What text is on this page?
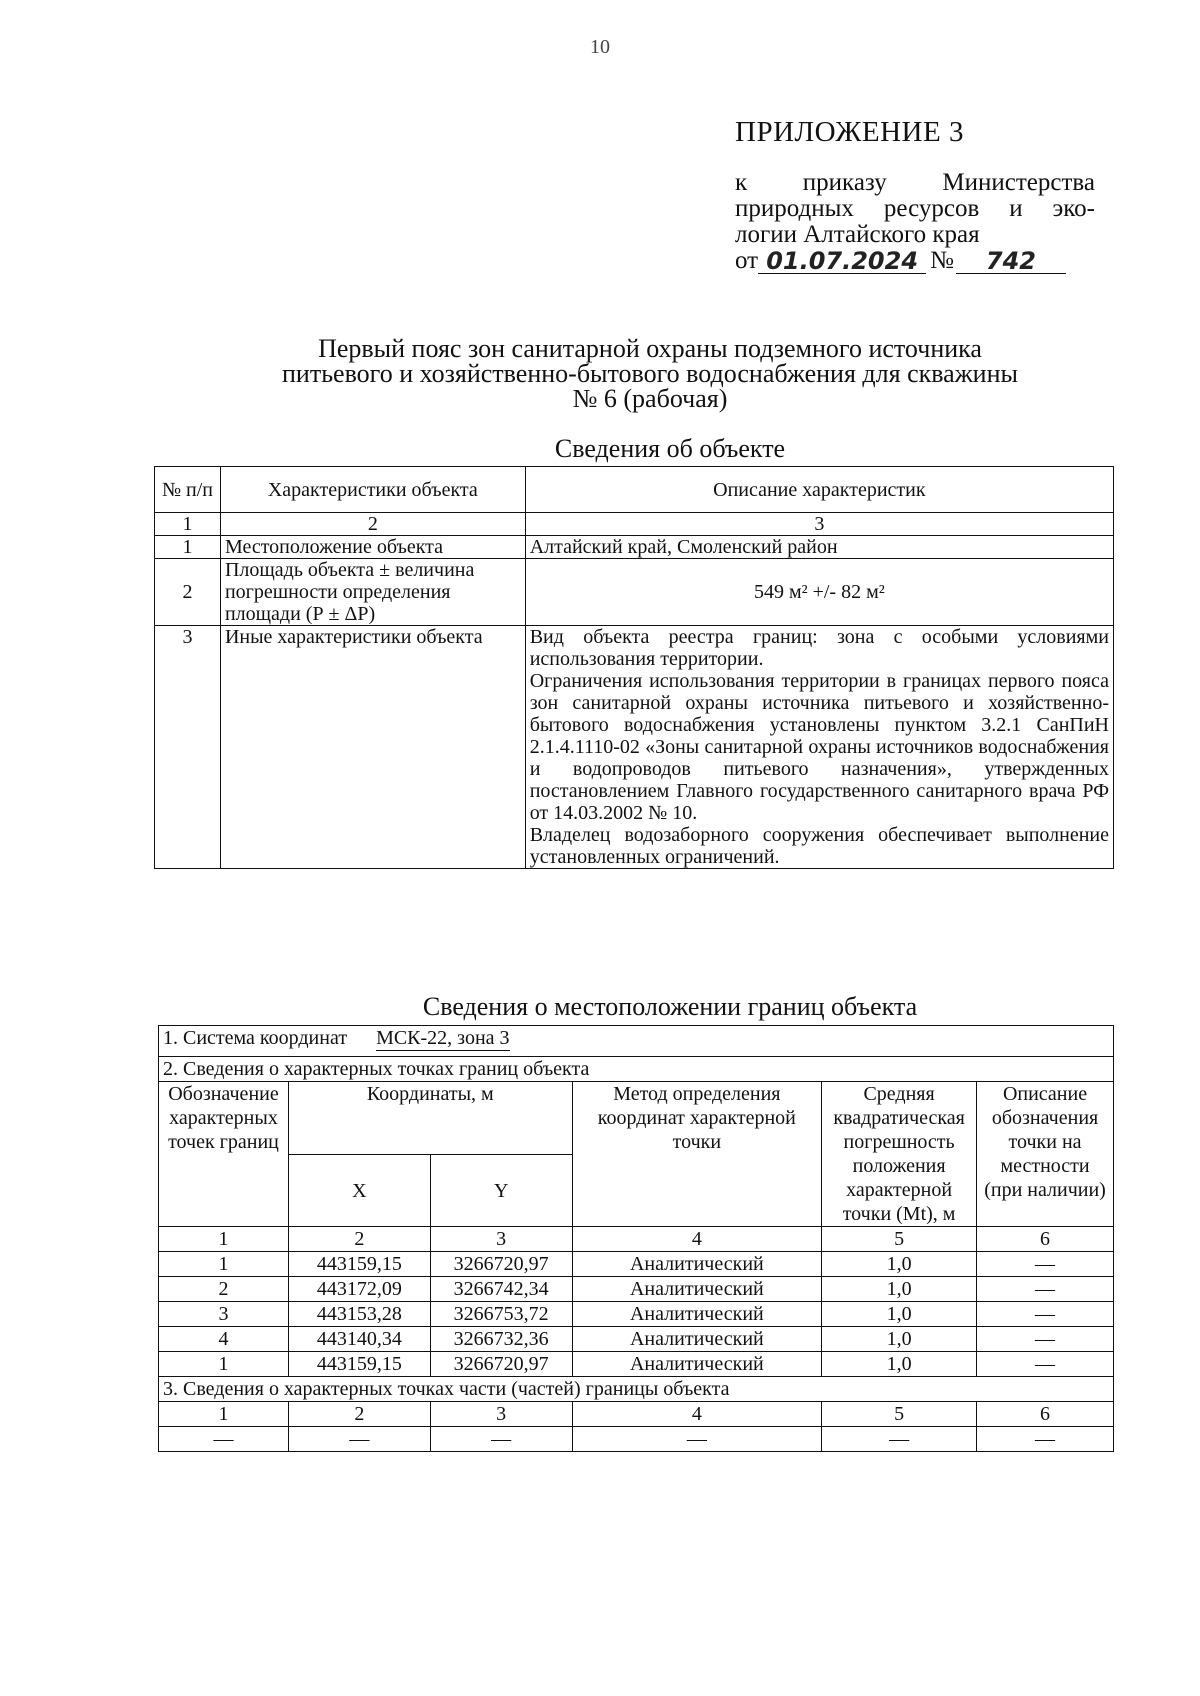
10
ПРИЛОЖЕНИЕ 3
к приказу Министерства
природных ресурсов и эко-
логии Алтайского края
от 01.07.2024 №	742
Первый пояс зон санитарной охраны подземного источника
питьевого и хозяйственно-бытового водоснабжения для скважины
№ 6 (рабочая)
Сведения об объекте
№ п/п	Характеристики объекта	Описание характеристик
1	2	3
1	Местоположение объекта	Алтайский край, Смоленский район
2	Площадь объекта ± величина погрешности определения площади (Р ± ΔР)	549 м² +/- 82 м²
3	Иные характеристики объекта	Вид объекта реестра границ: зона с особыми условиями использования территории.
Ограничения использования территории в границах первого пояса зон санитарной охраны источника питьевого и хозяйственно-бытового водоснабжения установлены пунктом 3.2.1 СанПиН 2.1.4.1110-02 «Зоны санитарной охраны источников водоснабжения и водопроводов питьевого назначения», утвержденных постановлением Главного государственного санитарного врача РФ от 14.03.2002 № 10.
Владелец водозаборного сооружения обеспечивает выполнение установленных ограничений.
Сведения о местоположении границ объекта
1. Система координат МСК-22, зона 3					
2. Сведения о характерных точках границ объекта					
Обозначение характерных точек границ	Координаты, м		Метод определения координат характерной точки	Средняя квадратическая погрешность положения характерной точки (Mt), м	Описание обозначения точки на местности (при наличии)
	X	Y			
1	2	3	4	5	6
1	443159,15	3266720,97	Аналитический	1,0	—
2	443172,09	3266742,34	Аналитический	1,0	—
3	443153,28	3266753,72	Аналитический	1,0	—
4	443140,34	3266732,36	Аналитический	1,0	—
1	443159,15	3266720,97	Аналитический	1,0	—
3. Сведения о характерных точках части (частей) границы объекта					
1	2	3	4	5	6
—	—	—	—	—	—
